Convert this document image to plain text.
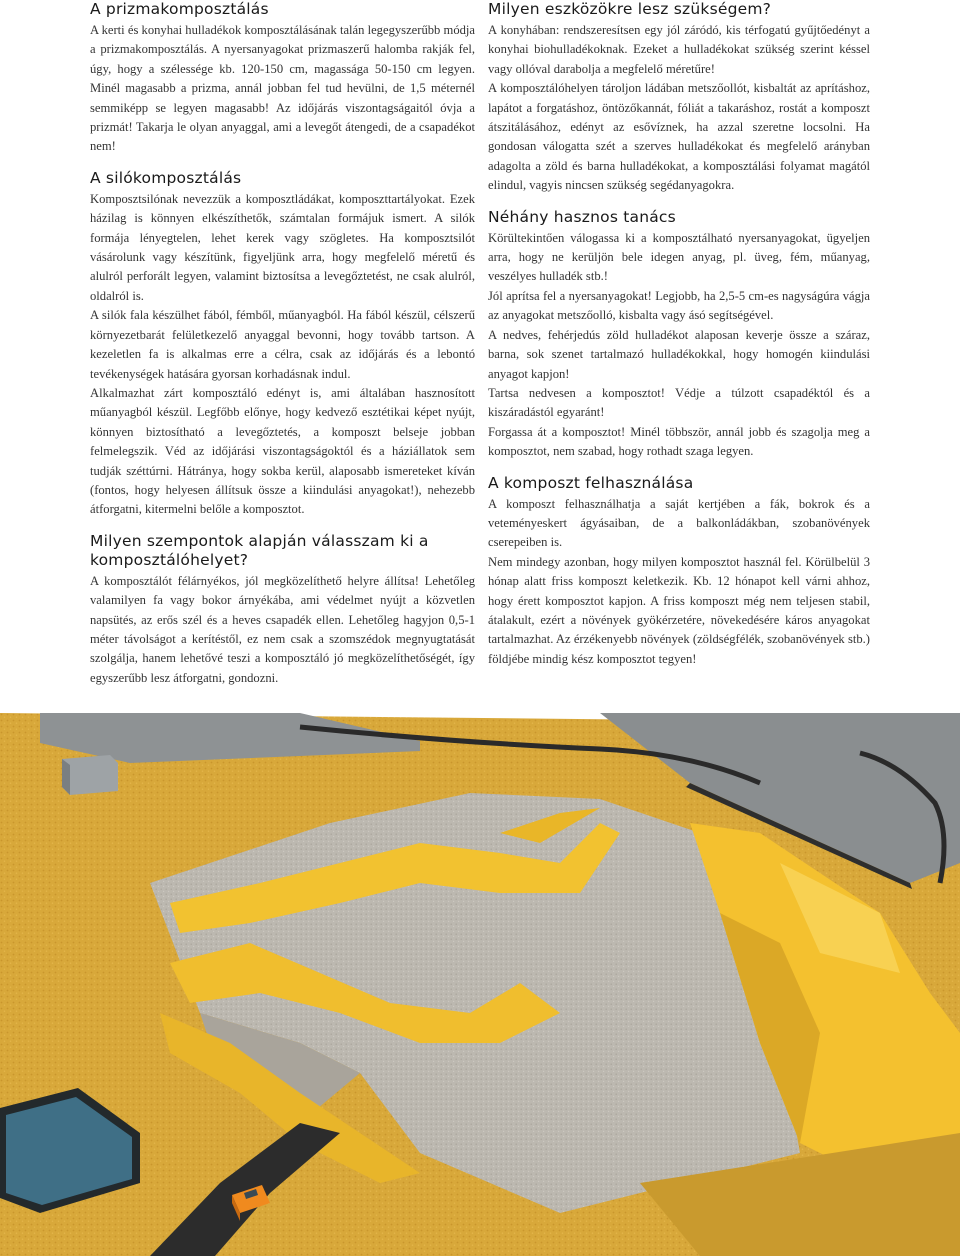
A prizmakomposztálás

A kerti és konyhai hulladékok komposztálásának talán legegyszerűbb módja a prizmakomposztálás. A nyersanyagokat prizmaszerű halomba rakják fel, úgy, hogy a szélessége kb. 120-150 cm, magassága 50-150 cm legyen. Minél magasabb a prizma, annál jobban fel tud hevülni, de 1,5 méternél semmiképp se legyen magasabb! Az időjárás viszontagságaitól óvja a prizmát! Takarja le olyan anyaggal, ami a levegőt átengedi, de a csapadékot nem!

A silókomposztálás

Komposztsilónak nevezzük a komposztládákat, komposzttartályokat. Ezek házilag is könnyen elkészíthetők, számtalan formájuk ismert. A silók formája lényegtelen, lehet kerek vagy szögletes. Ha komposztsilót vásárolunk vagy készítünk, figyeljünk arra, hogy megfelelő méretű és alulról perforált legyen, valamint biztosítsa a levegőztetést, ne csak alulról, oldalról is.

A silók fala készülhet fából, fémből, műanyagból. Ha fából készül, célszerű környezetbarát felületkezelő anyaggal bevonni, hogy tovább tartson. A kezeletlen fa is alkalmas erre a célra, csak az időjárás és a lebontó tevékenységek hatására gyorsan korhadásnak indul.

Alkalmazhat zárt komposztáló edényt is, ami általában hasznosított műanyagból készül. Legfőbb előnye, hogy kedvező esztétikai képet nyújt, könnyen biztosítható a levegőztetés, a komposzt belseje jobban felmelegszik. Véd az időjárási viszontagságoktól és a háziállatok sem tudják széttúrni. Hátránya, hogy sokba kerül, alaposabb ismereteket kíván (fontos, hogy helyesen állítsuk össze a kiindulási anyagokat!), nehezebb átforgatni, kitermelni belőle a komposztot.

Milyen szempontok alapján válasszam ki a komposztálóhelyet?

A komposztálót félárnyékos, jól megközelíthető helyre állítsa! Lehetőleg valamilyen fa vagy bokor árnyékába, ami védelmet nyújt a közvetlen napsütés, az erős szél és a heves csapadék ellen. Lehetőleg hagyjon 0,5-1 méter távolságot a kerítéstől, ez nem csak a szomszédok megnyugtatását szolgálja, hanem lehetővé teszi a komposztáló jó megközelíthetőségét, így egyszerűbb lesz átforgatni, gondozni.

Milyen eszközökre lesz szükségem?

A konyhában: rendszeresítsen egy jól záródó, kis térfogatú gyűjtőedényt a konyhai biohulladékoknak. Ezeket a hulladékokat szükség szerint késsel vagy ollóval darabolja a megfelelő méretűre!

A komposztálóhelyen tároljon ládában metszőollót, kisbaltát az aprításhoz, lapátot a forgatáshoz, öntözőkannát, fóliát a takaráshoz, rostát a komposzt átszitálásához, edényt az esővíznek, ha azzal szeretne locsolni. Ha gondosan válogatta szét a szerves hulladékokat és megfelelő arányban adagolta a zöld és barna hulladékokat, a komposztálási folyamat magától elindul, vagyis nincsen szükség segédanyagokra.

Néhány hasznos tanács

Körültekintően válogassa ki a komposztálható nyersanyagokat, ügyeljen arra, hogy ne kerüljön bele idegen anyag, pl. üveg, fém, műanyag, veszélyes hulladék stb.!

Jól aprítsa fel a nyersanyagokat! Legjobb, ha 2,5-5 cm-es nagyságúra vágja az anyagokat metszőolló, kisbalta vagy ásó segítségével.

A nedves, fehérjedús zöld hulladékot alaposan keverje össze a száraz, barna, sok szenet tartalmazó hulladékokkal, hogy homogén kiindulási anyagot kapjon!

Tartsa nedvesen a komposztot! Védje a túlzott csapadéktól és a kiszáradástól egyaránt!

Forgassa át a komposztot! Minél többször, annál jobb és szagolja meg a komposztot, nem szabad, hogy rothadt szaga legyen.

A komposzt felhasználása

A komposzt felhasználhatja a saját kertjében a fák, bokrok és a veteményeskert ágyásaiban, de a balkonládákban, szobanövények cserepeiben is.

Nem mindegy azonban, hogy milyen komposztot használ fel. Körülbelül 3 hónap alatt friss komposzt keletkezik. Kb. 12 hónapot kell várni ahhoz, hogy érett komposztot kapjon. A friss komposzt még nem teljesen stabil, átalakult, ezért a növények gyökérzetére, növekedésére káros anyagokat tartalmazhat. Az érzékenyebb növények (zöldségfélék, szobanövények stb.) földjébe mindig kész komposztot tegyen!
